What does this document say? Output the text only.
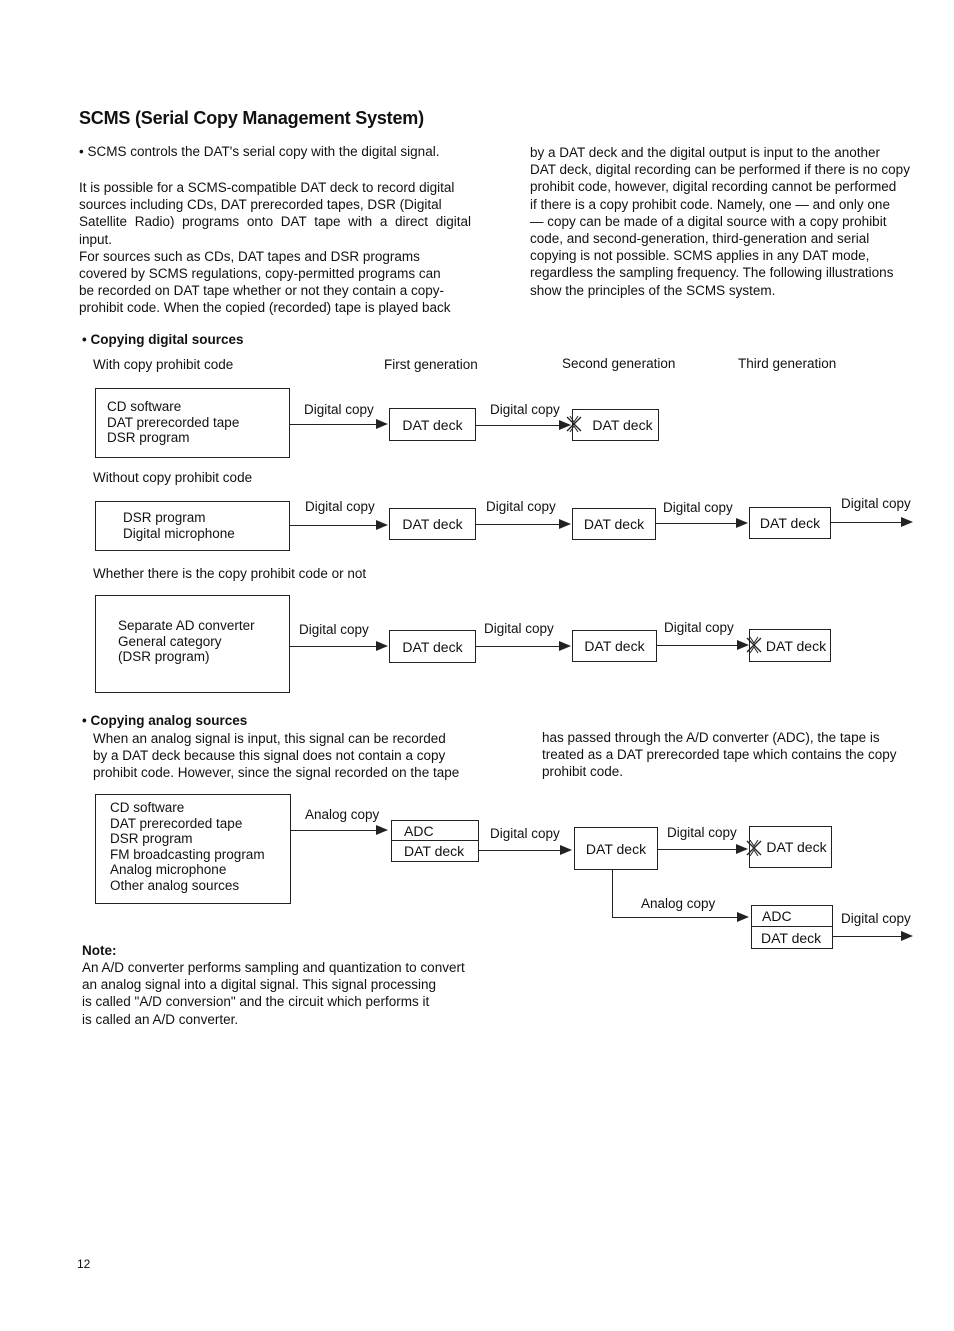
SCMS (Serial Copy Management System)
• SCMS controls the DAT's serial copy with the digital signal.
It is possible for a SCMS-compatible DAT deck to record digital
sources including CDs, DAT prerecorded tapes, DSR (Digital
Satellite Radio) programs onto DAT tape with a direct digital input.
For sources such as CDs, DAT tapes and DSR programs
covered by SCMS regulations, copy-permitted programs can
be recorded on DAT tape whether or not they contain a copy-
prohibit code. When the copied (recorded) tape is played back
by a DAT deck and the digital output is input to the another
DAT deck, digital recording can be performed if there is no copy
prohibit code, however, digital recording cannot be performed
if there is a copy prohibit code. Namely, one — and only one
— copy can be made of a digital source with a copy prohibit
code, and second-generation, third-generation and serial
copying is not possible. SCMS applies in any DAT mode,
regardless the sampling frequency. The following illustrations
show the principles of the SCMS system.
• Copying digital sources
With copy prohibit code	First generation	Second generation	Third generation
CD software
DAT prerecorded tape
DSR program
Digital copy
DAT deck
Digital copy
DAT deck
Without copy prohibit code
DSR program
Digital microphone
Digital copy
DAT deck
Digital copy
DAT deck
Digital copy
DAT deck
Digital copy
Whether there is the copy prohibit code or not
Separate AD converter
General category
(DSR program)
Digital copy
DAT deck
Digital copy
DAT deck
Digital copy
DAT deck
• Copying analog sources
When an analog signal is input, this signal can be recorded
by a DAT deck because this signal does not contain a copy
prohibit code. However, since the signal recorded on the tape
has passed through the A/D converter (ADC), the tape is
treated as a DAT prerecorded tape which contains the copy
prohibit code.
CD software
DAT prerecorded tape
DSR program
FM broadcasting program
Analog microphone
Other analog sources
Analog copy
ADC
DAT deck
Digital copy
DAT deck
Digital copy
DAT deck
Analog copy
ADC
DAT deck
Digital copy
Note:
An A/D converter performs sampling and quantization to convert
an analog signal into a digital signal. This signal processing
is called "A/D conversion" and the circuit which performs it
is called an A/D converter.
12
